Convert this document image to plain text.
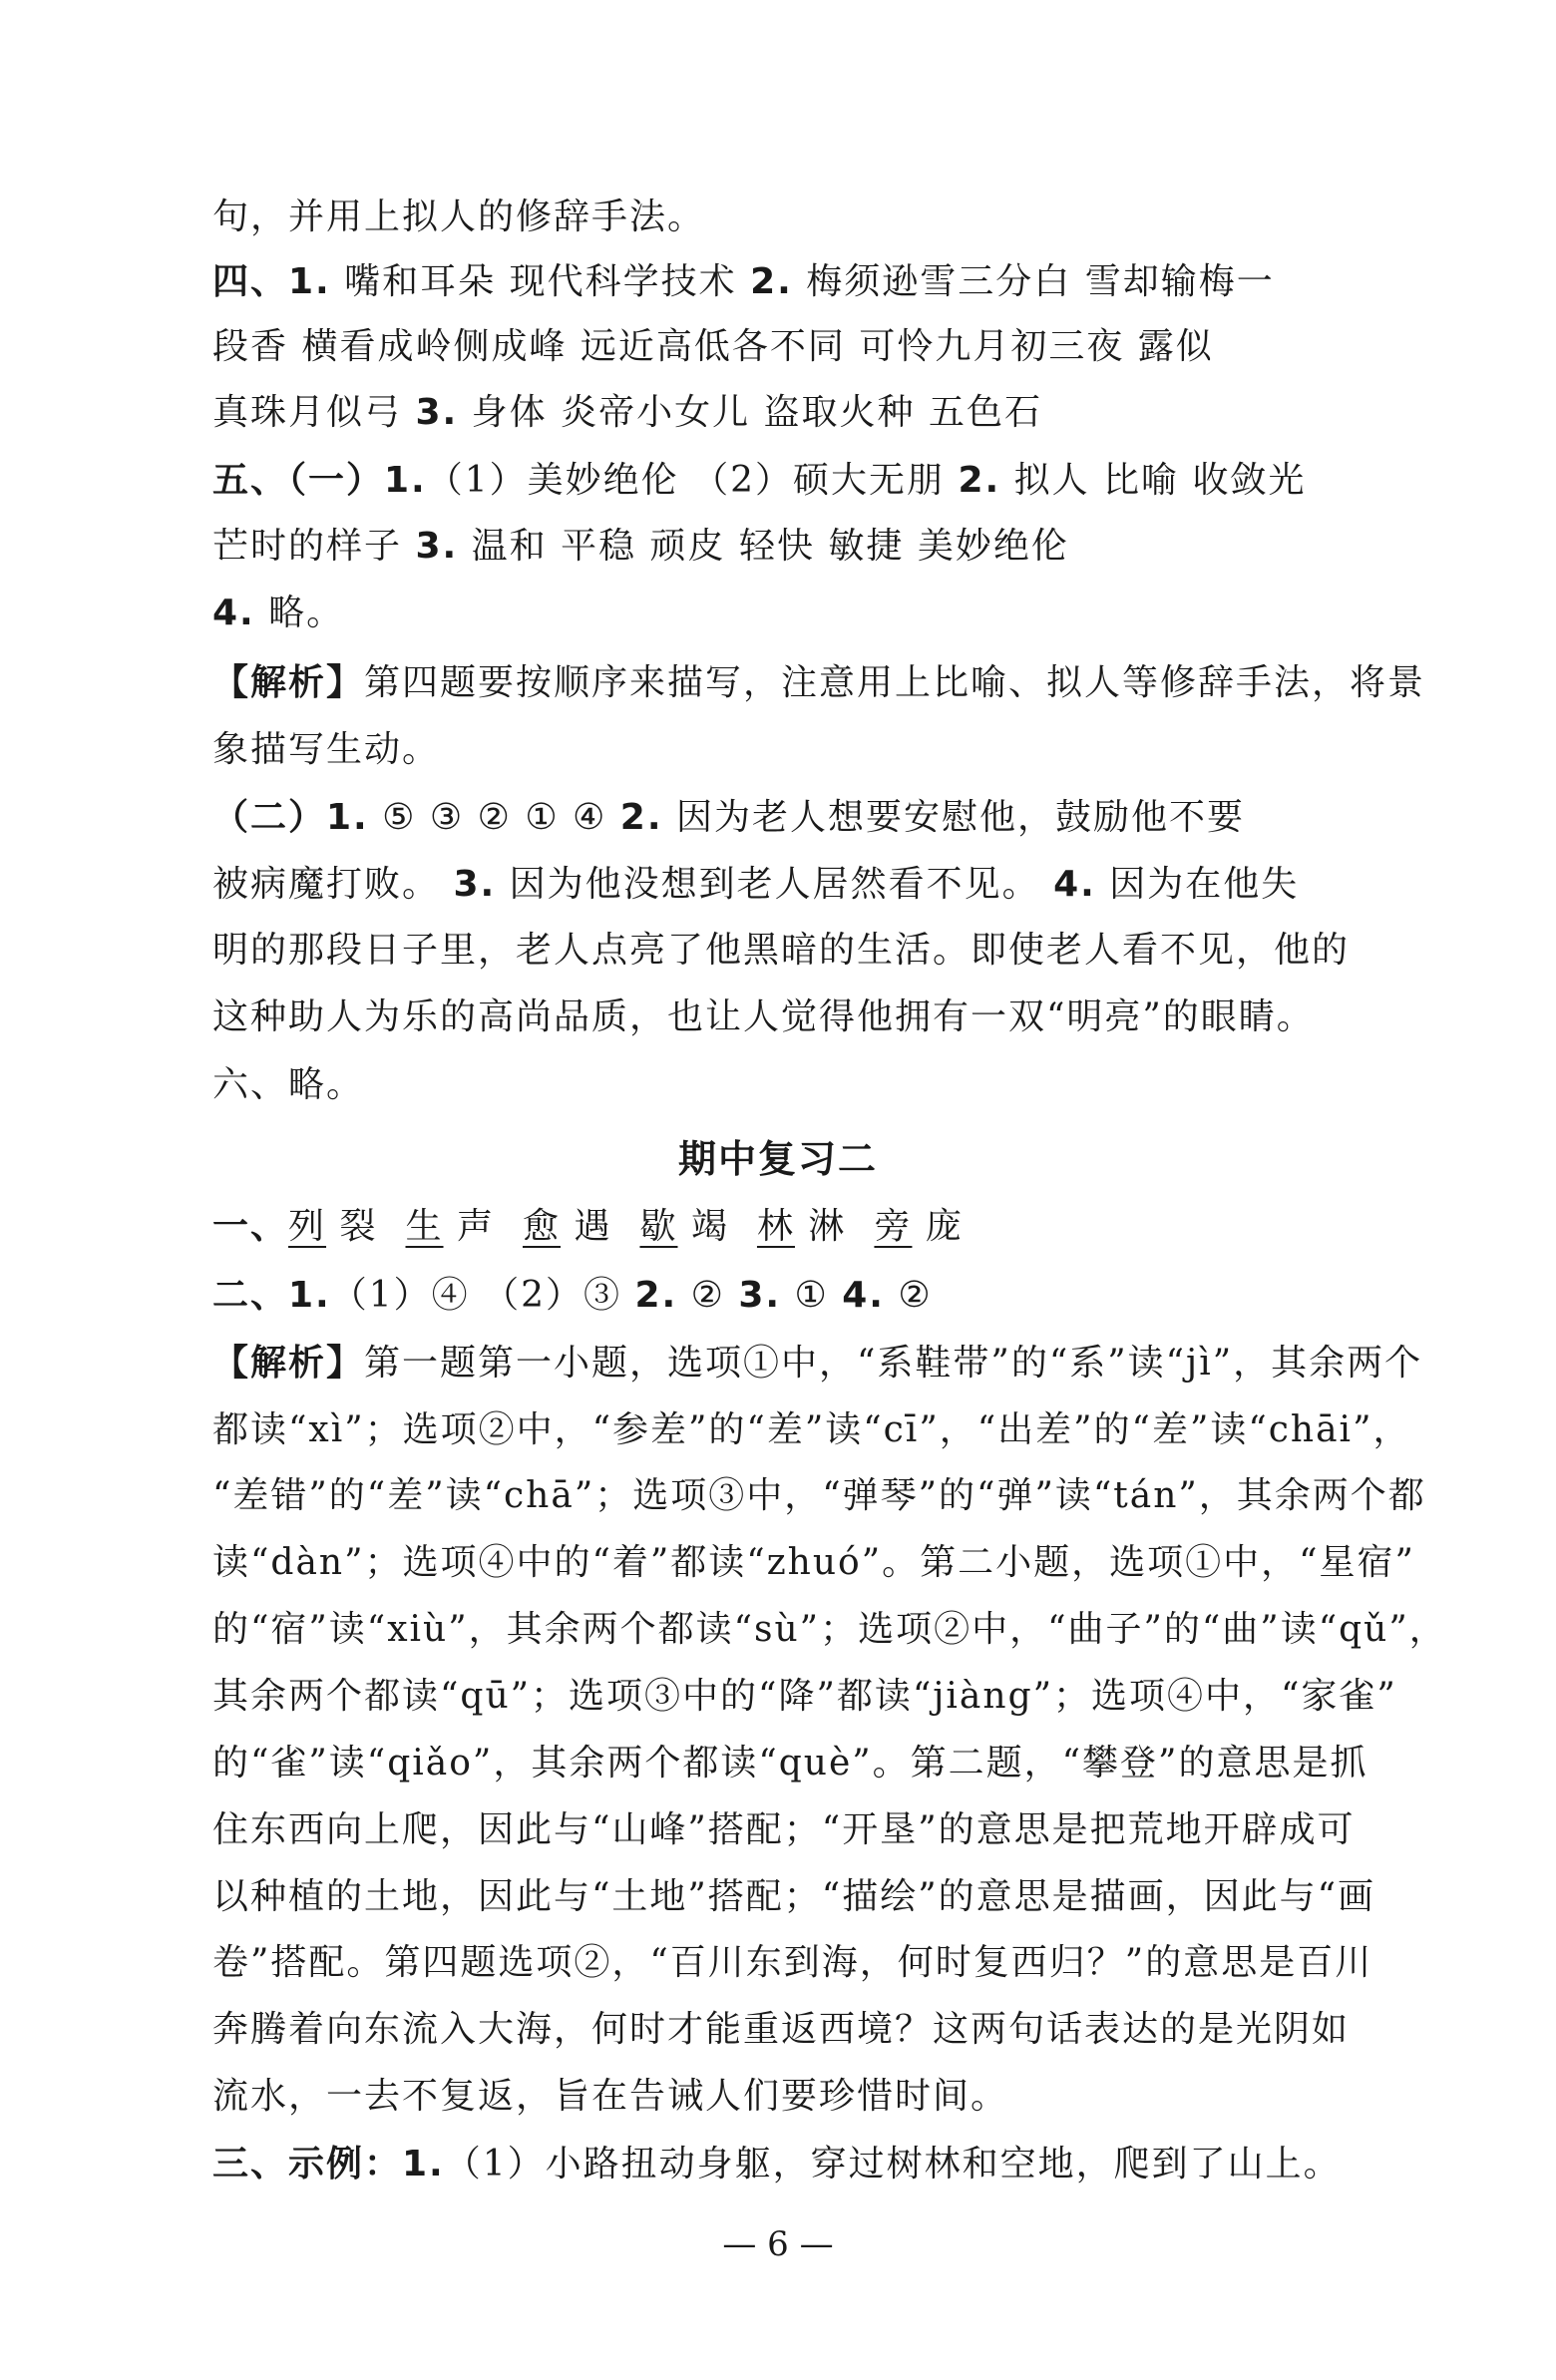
句，并用上拟人的修辞手法。
四、1. 嘴和耳朵 现代科学技术 2. 梅须逊雪三分白 雪却输梅一
段香 横看成岭侧成峰 远近高低各不同 可怜九月初三夜 露似
真珠月似弓 3. 身体 炎帝小女儿 盗取火种 五色石
五、（一）1.（1）美妙绝伦 （2）硕大无朋 2. 拟人 比喻 收敛光
芒时的样子 3. 温和 平稳 顽皮 轻快 敏捷 美妙绝伦
4. 略。
【解析】第四题要按顺序来描写，注意用上比喻、拟人等修辞手法，将景
象描写生动。
（二）1. ⑤ ③ ② ① ④ 2. 因为老人想要安慰他，鼓励他不要
被病魔打败。 3. 因为他没想到老人居然看不见。 4. 因为在他失
明的那段日子里，老人点亮了他黑暗的生活。即使老人看不见，他的
这种助人为乐的高尚品质，也让人觉得他拥有一双“明亮”的眼睛。
六、略。
期中复习二
一、列 裂 生 声 愈 遇 歇 竭 林 淋 旁 庞
二、1.（1）④ （2）③ 2. ② 3. ① 4. ②
【解析】第一题第一小题，选项①中，“系鞋带”的“系”读“jì”，其余两个
都读“xì”；选项②中，“参差”的“差”读“cī”，“出差”的“差”读“chāi”，
“差错”的“差”读“chā”；选项③中，“弹琴”的“弹”读“tán”，其余两个都
读“dàn”；选项④中的“着”都读“zhuó”。第二小题，选项①中，“星宿”
的“宿”读“xiù”，其余两个都读“sù”；选项②中，“曲子”的“曲”读“qǔ”，
其余两个都读“qū”；选项③中的“降”都读“jiàng”；选项④中，“家雀”
的“雀”读“qiǎo”，其余两个都读“què”。第二题，“攀登”的意思是抓
住东西向上爬，因此与“山峰”搭配；“开垦”的意思是把荒地开辟成可
以种植的土地，因此与“土地”搭配；“描绘”的意思是描画，因此与“画
卷”搭配。第四题选项②，“百川东到海，何时复西归？”的意思是百川
奔腾着向东流入大海，何时才能重返西境？这两句话表达的是光阴如
流水，一去不复返，旨在告诫人们要珍惜时间。
三、示例：1.（1）小路扭动身躯，穿过树林和空地，爬到了山上。
— 6 —
